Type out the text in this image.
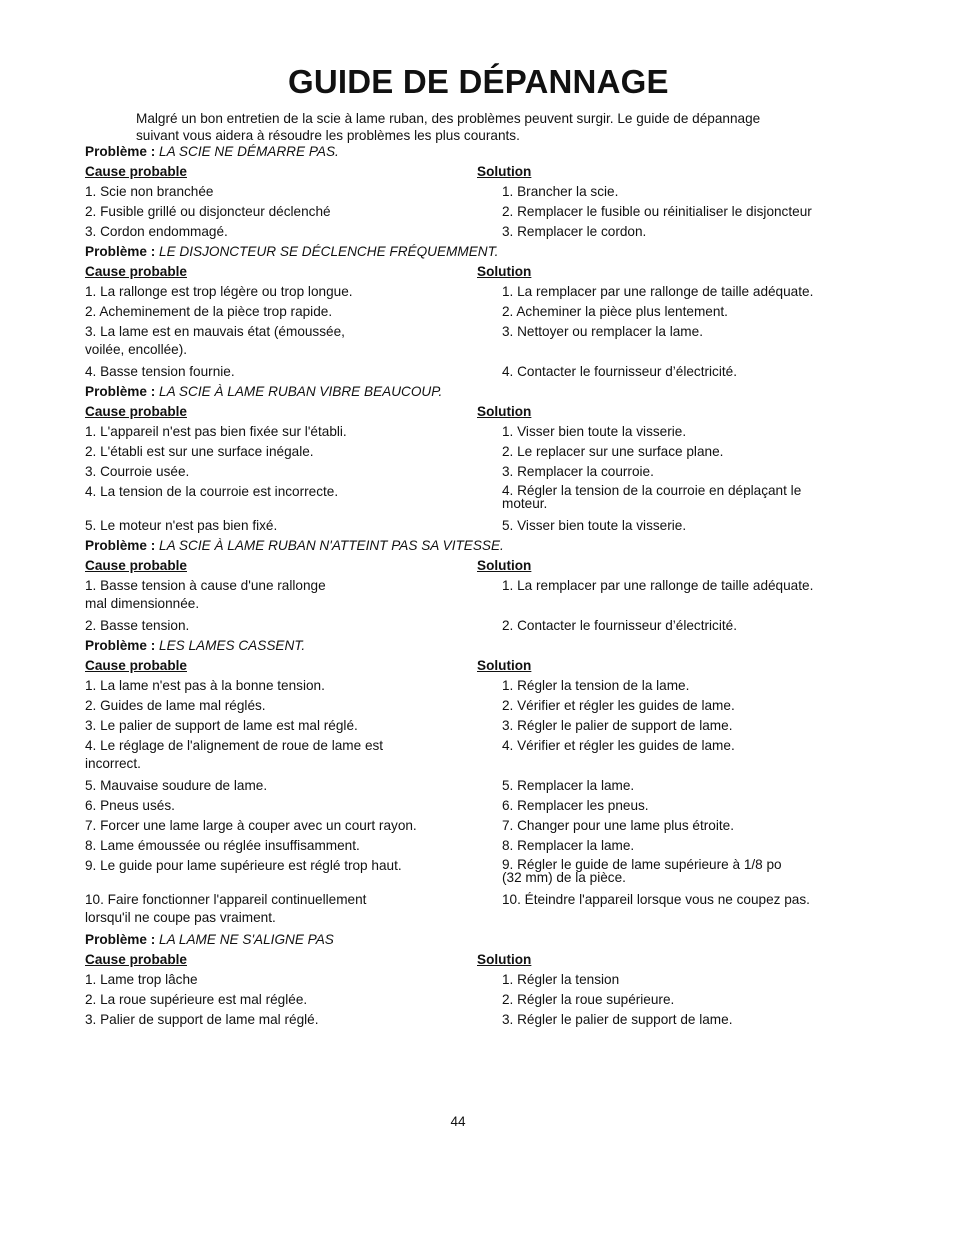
GUIDE DE DÉPANNAGE
Malgré un bon entretien de la scie à lame ruban, des problèmes peuvent surgir. Le guide de dépannage
suivant vous aidera à résoudre les problèmes les plus courants.
Problème : LA SCIE NE DÉMARRE PAS.
Cause probable	Solution
1. Scie non branchée	1. Brancher la scie.
2. Fusible grillé ou disjoncteur déclenché	2. Remplacer le fusible ou réinitialiser le disjoncteur
3. Cordon endommagé.	3. Remplacer le cordon.
Problème : LE DISJONCTEUR SE DÉCLENCHE FRÉQUEMMENT.
Cause probable	Solution
1. La rallonge est trop légère ou trop longue.	1. La remplacer par une rallonge de taille adéquate.
2. Acheminement de la pièce trop rapide.	2. Acheminer la pièce plus lentement.
3. La lame est en mauvais état (émoussée,	3. Nettoyer ou remplacer la lame.
voilée, encollée).
4. Basse tension fournie.	4. Contacter le fournisseur d’électricité.
Problème : LA SCIE À LAME RUBAN VIBRE BEAUCOUP.
Cause probable	Solution
1. L'appareil n'est pas bien fixée sur l'établi.	1. Visser bien toute la visserie.
2. L'établi est sur une surface inégale.	2. Le replacer sur une surface plane.
3. Courroie usée.	3. Remplacer la courroie.
4. La tension de la courroie est incorrecte.	4. Régler la tension de la courroie en déplaçant le
moteur.
5. Le moteur n'est pas bien fixé.	5. Visser bien toute la visserie.
Problème : LA SCIE À LAME RUBAN N'ATTEINT PAS SA VITESSE.
Cause probable	Solution
1. Basse tension à cause d'une rallonge	1. La remplacer par une rallonge de taille adéquate.
mal dimensionnée.
2. Basse tension.	2. Contacter le fournisseur d’électricité.
Problème : LES LAMES CASSENT.
Cause probable	Solution
1. La lame n'est pas à la bonne tension.	1. Régler la tension de la lame.
2. Guides de lame mal réglés.	2. Vérifier et régler les guides de lame.
3. Le palier de support de lame est mal réglé.	3. Régler le palier de support de lame.
4. Le réglage de l'alignement de roue de lame est	4. Vérifier et régler les guides de lame.
incorrect.
5. Mauvaise soudure de lame.	5. Remplacer la lame.
6. Pneus usés.	6. Remplacer les pneus.
7. Forcer une lame large à couper avec un court rayon.	7. Changer pour une lame plus étroite.
8. Lame émoussée ou réglée insuffisamment.	8. Remplacer la lame.
9. Le guide pour lame supérieure est réglé trop haut.	9. Régler le guide de lame supérieure à 1/8 po
(32 mm) de la pièce.
10. Faire fonctionner l'appareil continuellement	10. Éteindre l'appareil lorsque vous ne coupez pas.
lorsqu'il ne coupe pas vraiment.
Problème : LA LAME NE S'ALIGNE PAS
Cause probable	Solution
1. Lame trop lâche	1. Régler la tension
2. La roue supérieure est mal réglée.	2. Régler la roue supérieure.
3. Palier de support de lame mal réglé.	3. Régler le palier de support de lame.
44
